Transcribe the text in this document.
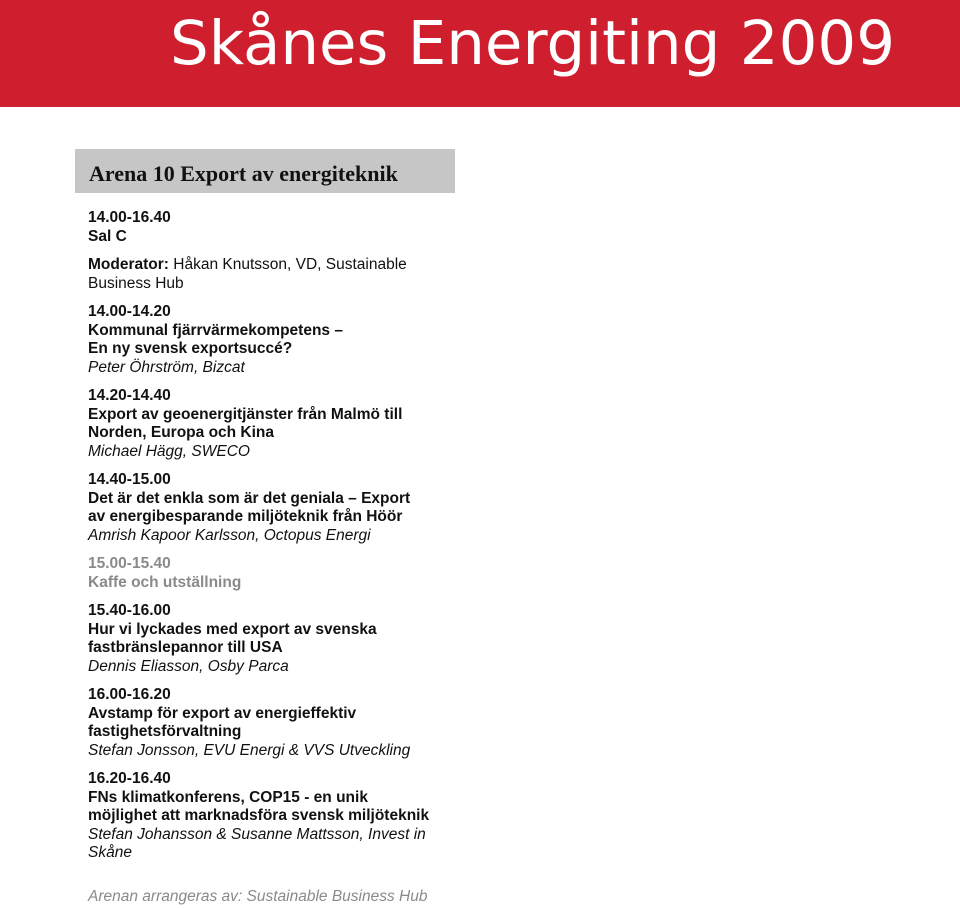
Skånes Energiting 2009
Arena 10 Export av energiteknik
14.00-16.40
Sal C
Moderator: Håkan Knutsson, VD, Sustainable
Business Hub
14.00-14.20
Kommunal fjärrvärmekompetens –
En ny svensk exportsuccé?
Peter Öhrström, Bizcat
14.20-14.40
Export av geoenergitjänster från Malmö till
Norden, Europa och Kina
Michael Hägg, SWECO
14.40-15.00
Det är det enkla som är det geniala – Export
av energibesparande miljöteknik från Höör
Amrish Kapoor Karlsson, Octopus Energi
15.00-15.40
Kaffe och utställning
15.40-16.00
Hur vi lyckades med export av svenska
fastbränslepannor till USA
Dennis Eliasson, Osby Parca
16.00-16.20
Avstamp för export av energieffektiv
fastighetsförvaltning
Stefan Jonsson, EVU Energi & VVS Utveckling
16.20-16.40
FNs klimatkonferens, COP15 - en unik
möjlighet att marknadsföra svensk miljöteknik
Stefan Johansson & Susanne Mattsson, Invest in
Skåne
Arenan arrangeras av: Sustainable Business Hub
